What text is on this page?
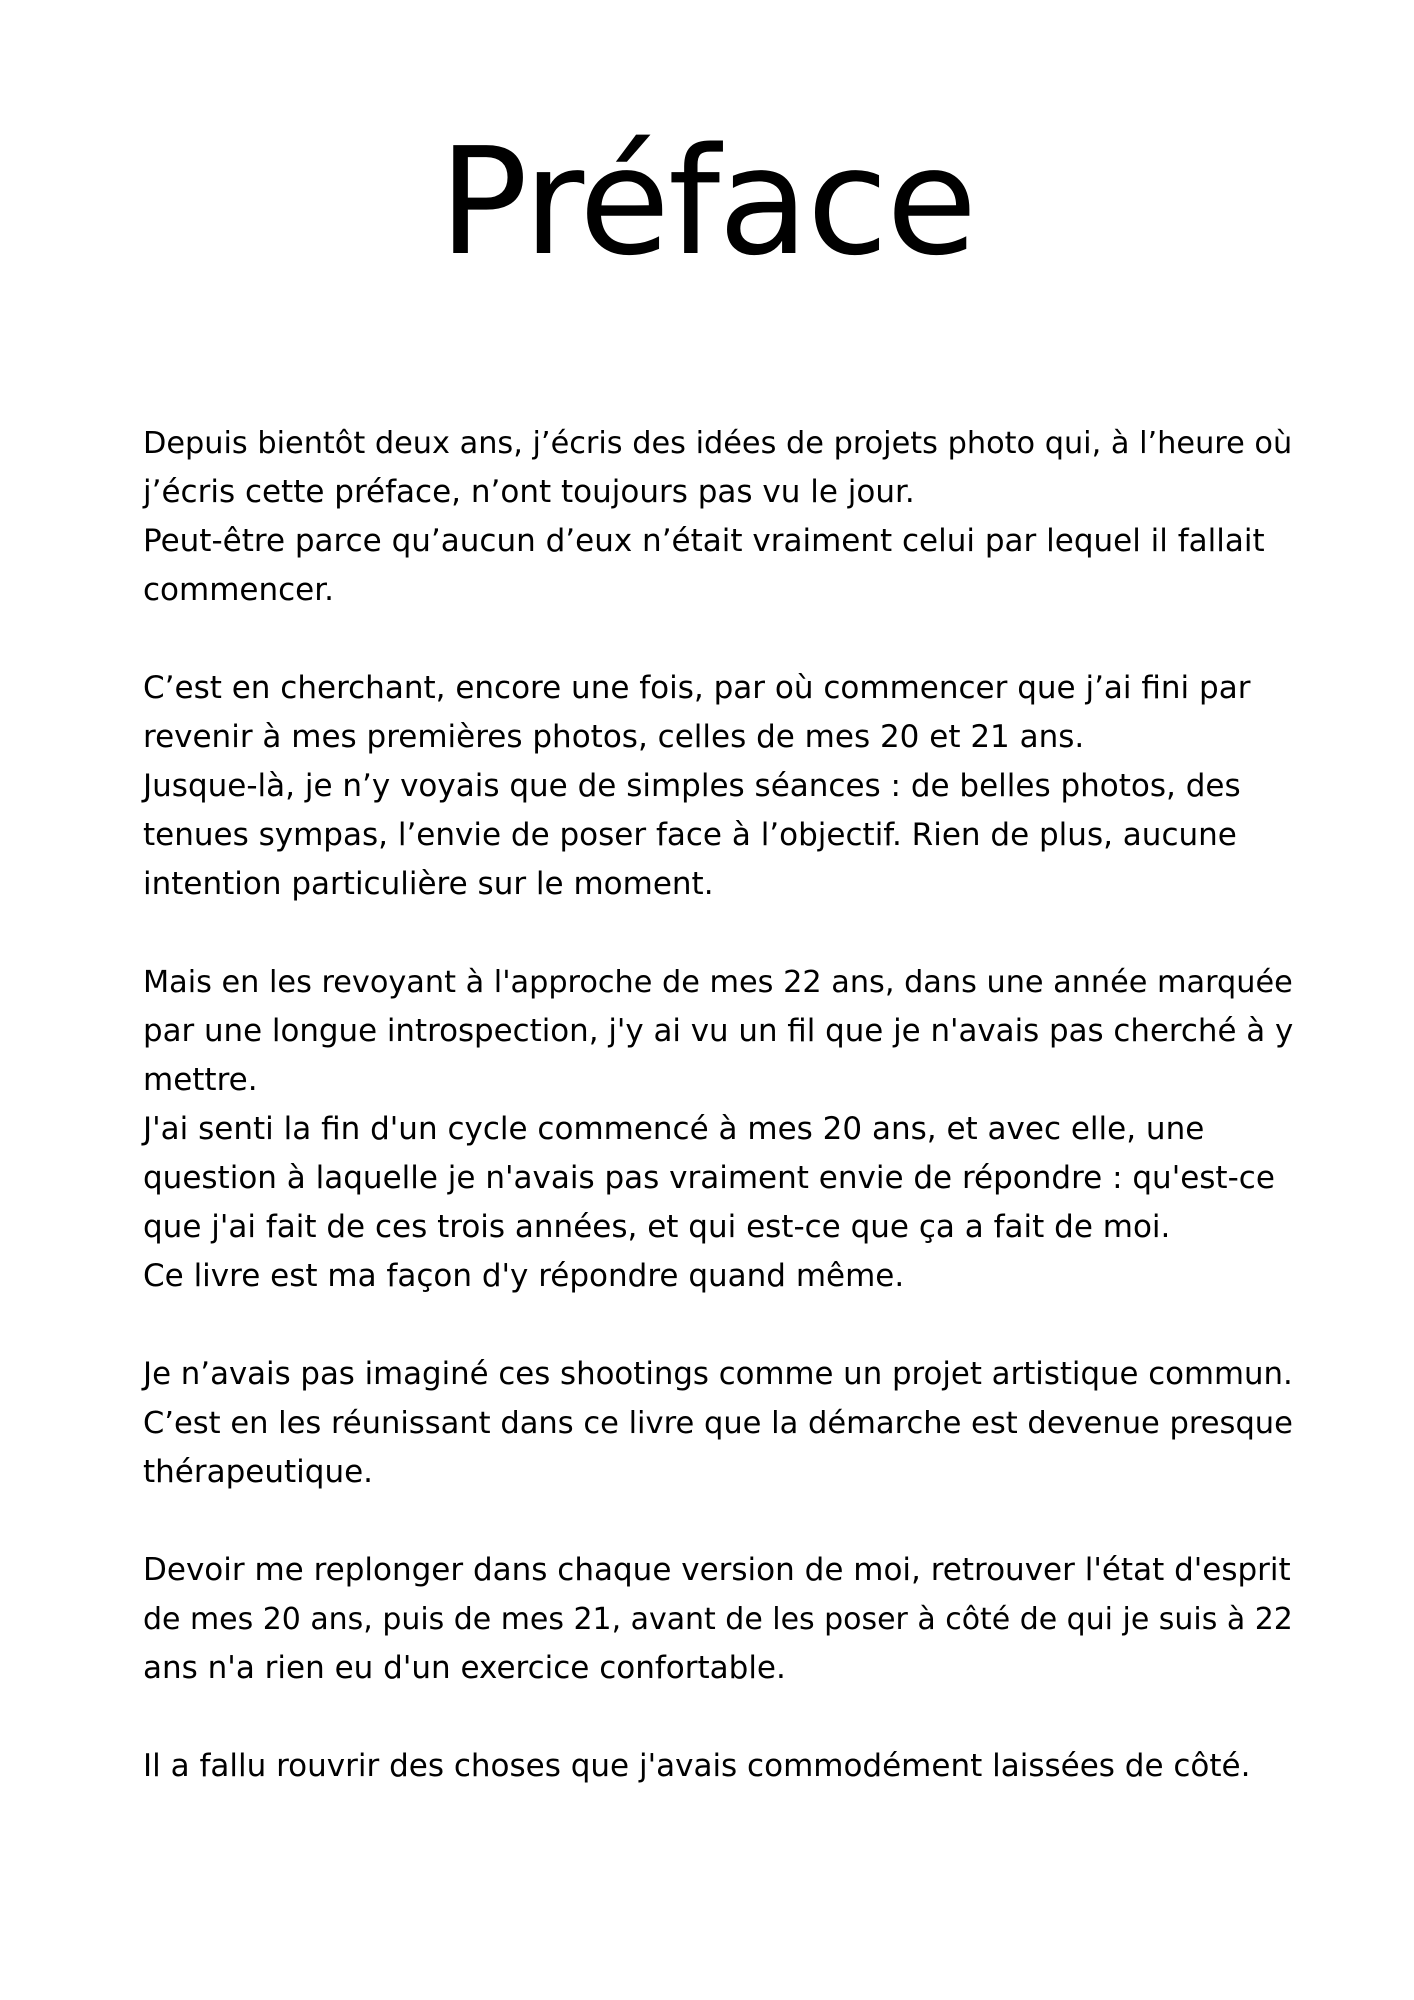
Préface

Depuis bientôt deux ans, j’écris des idées de projets photo qui, à l’heure où
j’écris cette préface, n’ont toujours pas vu le jour.
Peut-être parce qu’aucun d’eux n’était vraiment celui par lequel il fallait
commencer.

C’est en cherchant, encore une fois, par où commencer que j’ai fini par
revenir à mes premières photos, celles de mes 20 et 21 ans.
Jusque-là, je n’y voyais que de simples séances : de belles photos, des
tenues sympas, l’envie de poser face à l’objectif. Rien de plus, aucune
intention particulière sur le moment.

Mais en les revoyant à l'approche de mes 22 ans, dans une année marquée
par une longue introspection, j'y ai vu un fil que je n'avais pas cherché à y
mettre.
J'ai senti la fin d'un cycle commencé à mes 20 ans, et avec elle, une
question à laquelle je n'avais pas vraiment envie de répondre : qu'est-ce
que j'ai fait de ces trois années, et qui est-ce que ça a fait de moi.
Ce livre est ma façon d'y répondre quand même.

Je n’avais pas imaginé ces shootings comme un projet artistique commun.
C’est en les réunissant dans ce livre que la démarche est devenue presque
thérapeutique.

Devoir me replonger dans chaque version de moi, retrouver l'état d'esprit
de mes 20 ans, puis de mes 21, avant de les poser à côté de qui je suis à 22
ans n'a rien eu d'un exercice confortable.

Il a fallu rouvrir des choses que j'avais commodément laissées de côté.
